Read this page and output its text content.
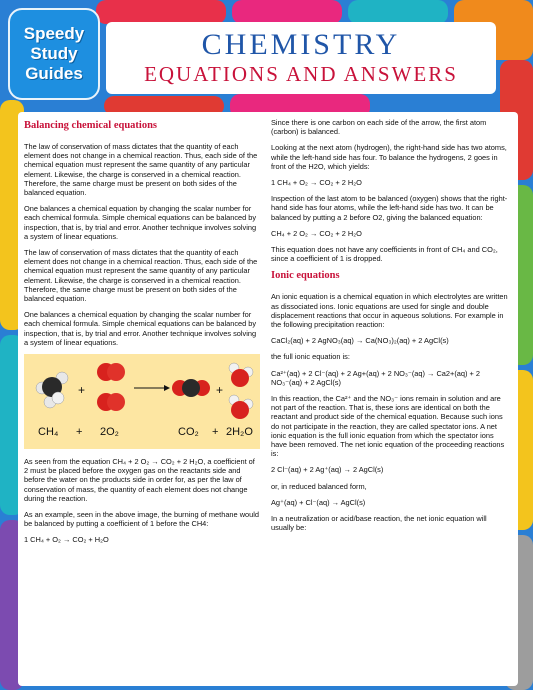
Speedy
Study
Guides
CHEMISTRY
EQUATIONS AND ANSWERS
Balancing chemical equations

The law of conservation of mass dictates that the quantity of each element does not change in a chemical reaction. Thus, each side of the chemical equation must represent the same quantity of any particular element. Likewise, the charge is conserved in a chemical reaction. Therefore, the same charge must be present on both sides of the balanced equation.

One balances a chemical equation by changing the scalar number for each chemical formula. Simple chemical equations can be balanced by inspection, that is, by trial and error. Another technique involves solving a system of linear equations.

The law of conservation of mass dictates that the quantity of each element does not change in a chemical reaction. Thus, each side of the chemical equation must represent the same quantity of any particular element. Likewise, the charge is conserved in a chemical reaction. Therefore, the same charge must be present on both sides of the balanced equation.

One balances a chemical equation by changing the scalar number for each chemical formula. Simple chemical equations can be balanced by inspection, that is, by trial and error. Another technique involves solving a system of linear equations.

+	+
CH₄ + 2O₂	CO₂ + 2H₂O

As seen from the equation CH₄ + 2 O₂ → CO₂ + 2 H₂O, a coefficient of 2 must be placed before the oxygen gas on the reactants side and before the water on the products side in order for, as per the law of conservation of mass, the quantity of each element does not change during the reaction.

As an example, seen in the above image, the burning of methane would be balanced by putting a coefficient of 1 before the CH4:

1 CH₄ + O₂ → CO₂ + H₂O

Since there is one carbon on each side of the arrow, the first atom (carbon) is balanced.

Looking at the next atom (hydrogen), the right-hand side has two atoms, while the left-hand side has four. To balance the hydrogens, 2 goes in front of the H2O, which yields:

1 CH₄ + O₂ → CO₂ + 2 H₂O

Inspection of the last atom to be balanced (oxygen) shows that the right-hand side has four atoms, while the left-hand side has two. It can be balanced by putting a 2 before O2, giving the balanced equation:

CH₄ + 2 O₂ → CO₂ + 2 H₂O

This equation does not have any coefficients in front of CH₄ and CO₂, since a coefficient of 1 is dropped.

Ionic equations

An ionic equation is a chemical equation in which electrolytes are written as dissociated ions. Ionic equations are used for single and double displacement reactions that occur in aqueous solutions. For example in the following precipitation reaction:

CaCl₂(aq) + 2 AgNO₃(aq) → Ca(NO₃)₂(aq) + 2 AgCl(s)

the full ionic equation is:

Ca²⁺(aq) + 2 Cl⁻(aq) + 2 Ag+(aq) + 2 NO₃⁻(aq) → Ca2+(aq) + 2 NO₃⁻(aq) + 2 AgCl(s)

In this reaction, the Ca²⁺ and the NO₃⁻ ions remain in solution and are not part of the reaction. That is, these ions are identical on both the reactant and product side of the chemical equation. Because such ions do not participate in the reaction, they are called spectator ions. A net ionic equation is the full ionic equation from which the spectator ions have been removed. The net ionic equation of the proceeding reactions is:

2 Cl⁻(aq) + 2 Ag⁺(aq) → 2 AgCl(s)

or, in reduced balanced form,

Ag⁺(aq) + Cl⁻(aq) → AgCl(s)

In a neutralization or acid/base reaction, the net ionic equation will usually be:
